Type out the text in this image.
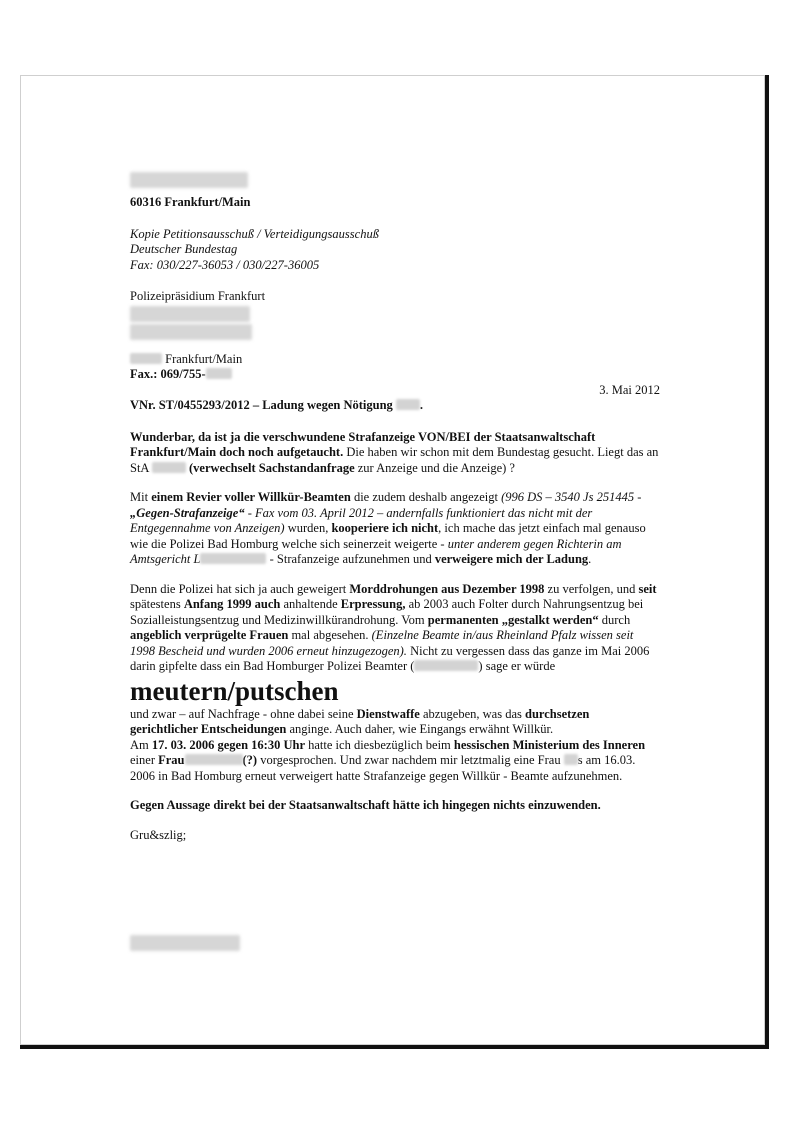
60316 Frankfurt/Main

Kopie Petitionsausschuß / Verteidigungsausschuß

Deutscher Bundestag

Fax: 030/227-36053 / 030/227-36005

Polizeipräsidium Frankfurt

Frankfurt/Main

Fax.: 069/755-

3. Mai 2012

VNr. ST/0455293/2012 – Ladung wegen Nötigung .

Wunderbar, da ist ja die verschwundene Strafanzeige VON/BEI der Staatsanwaltschaft Frankfurt/Main doch noch aufgetaucht. Die haben wir schon mit dem Bundestag gesucht. Liegt das an StA	(verwechselt Sachstandanfrage zur Anzeige und die Anzeige) ?

Mit einem Revier voller Willkür-Beamten die zudem deshalb angezeigt (996 DS – 3540 Js 251445 - „Gegen-Strafanzeige“ - Fax vom 03. April 2012 – andernfalls funktioniert das nicht mit der Entgegennahme von Anzeigen) wurden, kooperiere ich nicht, ich mache das jetzt einfach mal genauso wie die Polizei Bad Homburg welche sich seinerzeit weigerte - unter anderem gegen Richterin am Amtsgericht L	- Strafanzeige aufzunehmen und verweigere mich der Ladung.

Denn die Polizei hat sich ja auch geweigert Morddrohungen aus Dezember 1998 zu verfolgen, und seit spätestens Anfang 1999 auch anhaltende Erpressung, ab 2003 auch Folter durch Nahrungsentzug bei Sozialleistungsentzug und Medizinwillkürandrohung. Vom permanenten „gestalkt werden“ durch angeblich verprügelte Frauen mal abgesehen. (Einzelne Beamte in/aus Rheinland Pfalz wissen seit 1998 Bescheid und wurden 2006 erneut hinzugezogen). Nicht zu vergessen dass das ganze im Mai 2006 darin gipfelte dass ein Bad Homburger Polizei Beamter (	) sage er würde

meutern/putschen

und zwar – auf Nachfrage - ohne dabei seine Dienstwaffe abzugeben, was das durchsetzen gerichtlicher Entscheidungen anginge. Auch daher, wie Eingangs erwähnt Willkür.
Am 17. 03. 2006 gegen 16:30 Uhr hatte ich diesbezüglich beim hessischen Ministerium des Inneren einer Frau	(?) vorgesprochen. Und zwar nachdem mir letztmalig eine Frau s am 16.03. 2006 in Bad Homburg erneut verweigert hatte Strafanzeige gegen Willkür - Beamte aufzunehmen.

Gegen Aussage direkt bei der Staatsanwaltschaft hätte ich hingegen nichts einzuwenden.

Gru&szlig;
